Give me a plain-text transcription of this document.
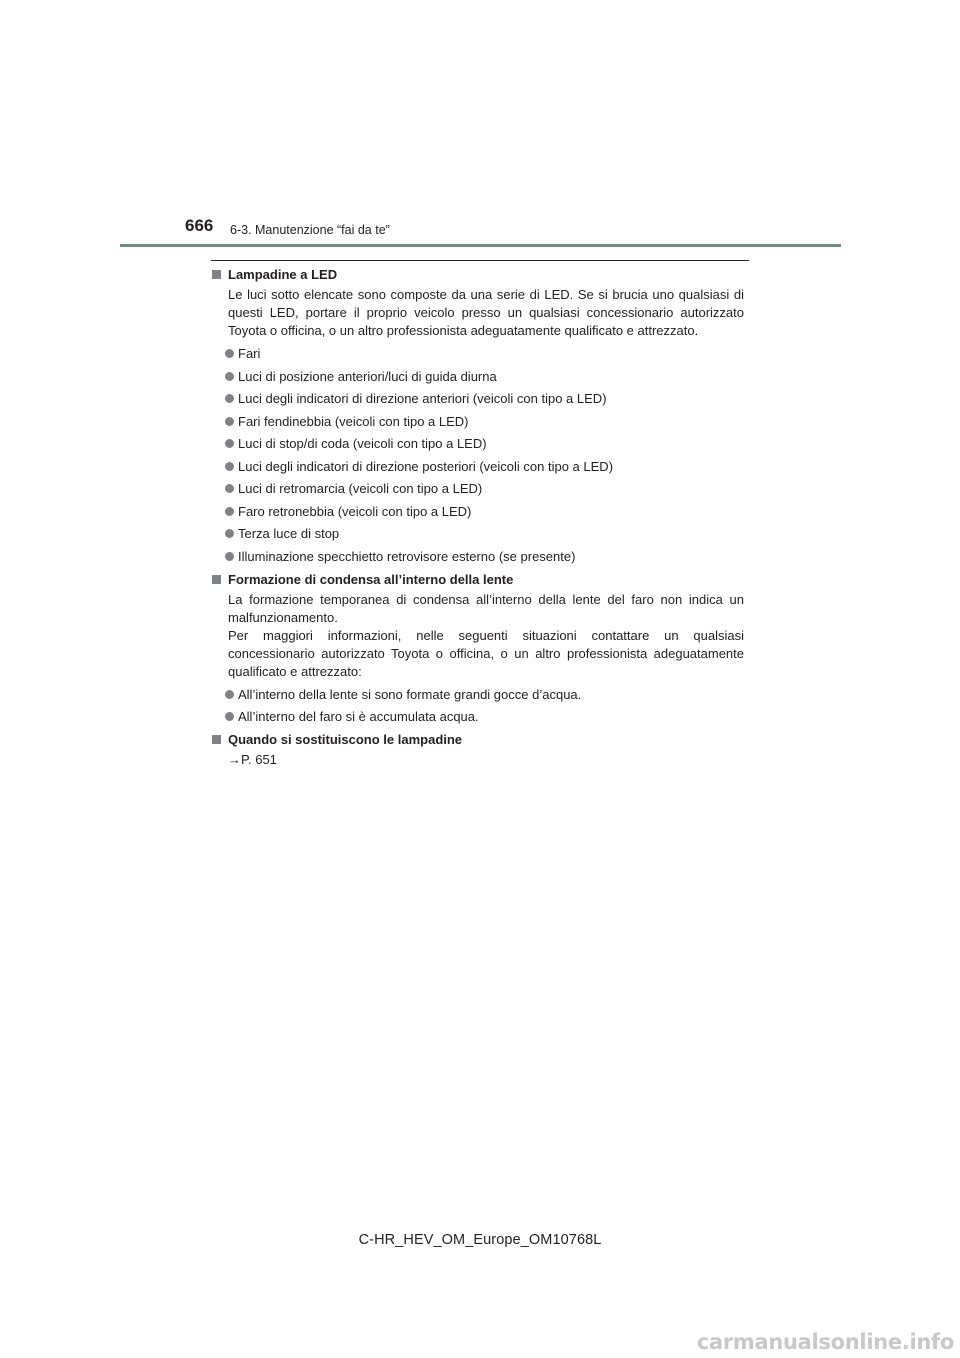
666 6-3. Manutenzione “fai da te”
Lampadine a LED
Le luci sotto elencate sono composte da una serie di LED. Se si brucia uno qualsiasi di questi LED, portare il proprio veicolo presso un qualsiasi concessionario autorizzato Toyota o officina, o un altro professionista adeguatamente qualificato e attrezzato.
Fari
Luci di posizione anteriori/luci di guida diurna
Luci degli indicatori di direzione anteriori (veicoli con tipo a LED)
Fari fendinebbia (veicoli con tipo a LED)
Luci di stop/di coda (veicoli con tipo a LED)
Luci degli indicatori di direzione posteriori (veicoli con tipo a LED)
Luci di retromarcia (veicoli con tipo a LED)
Faro retronebbia (veicoli con tipo a LED)
Terza luce di stop
Illuminazione specchietto retrovisore esterno (se presente)
Formazione di condensa all’interno della lente
La formazione temporanea di condensa all’interno della lente del faro non indica un malfunzionamento.
Per maggiori informazioni, nelle seguenti situazioni contattare un qualsiasi concessionario autorizzato Toyota o officina, o un altro professionista adeguatamente qualificato e attrezzato:
All’interno della lente si sono formate grandi gocce d’acqua.
All’interno del faro si è accumulata acqua.
Quando si sostituiscono le lampadine
→P. 651
C-HR_HEV_OM_Europe_OM10768L
carmanualsonline.info
